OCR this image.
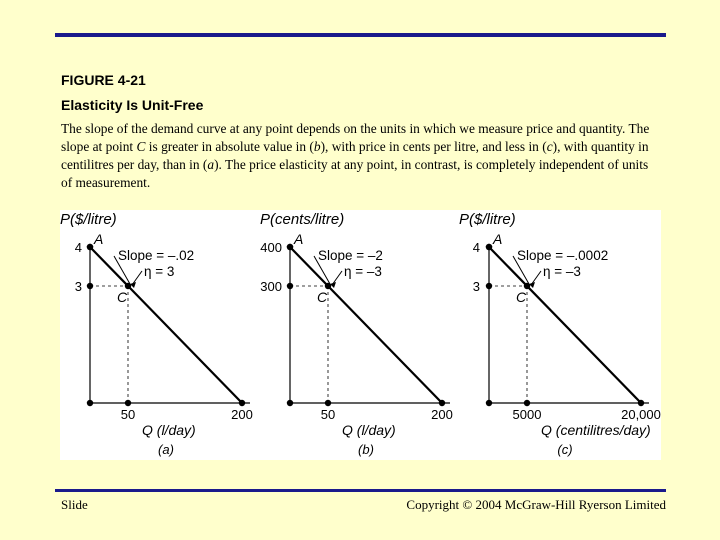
FIGURE 4-21
Elasticity Is Unit-Free
The slope of the demand curve at any point depends on the units in which we measure price and quantity. The slope at point C is greater in absolute value in (b), with price in cents per litre, and less in (c), with quantity in centilitres per day, than in (a). The price elasticity at any point, in contrast, is completely independent of units of measurement.
4
3
50	200
A
C
P($/litre)
Q (l/day)
(a)
Slope = –.02
η = 3
400
300
50	200
A
C
P(cents/litre)
Q (l/day)
(b)
Slope = –2
η = –3
4
3
5000	20,000
A
C
P($/litre)
Q (centilitres/day)
(c)
Slope = –.0002
η = –3
Slide	Copyright © 2004 McGraw-Hill Ryerson Limited
